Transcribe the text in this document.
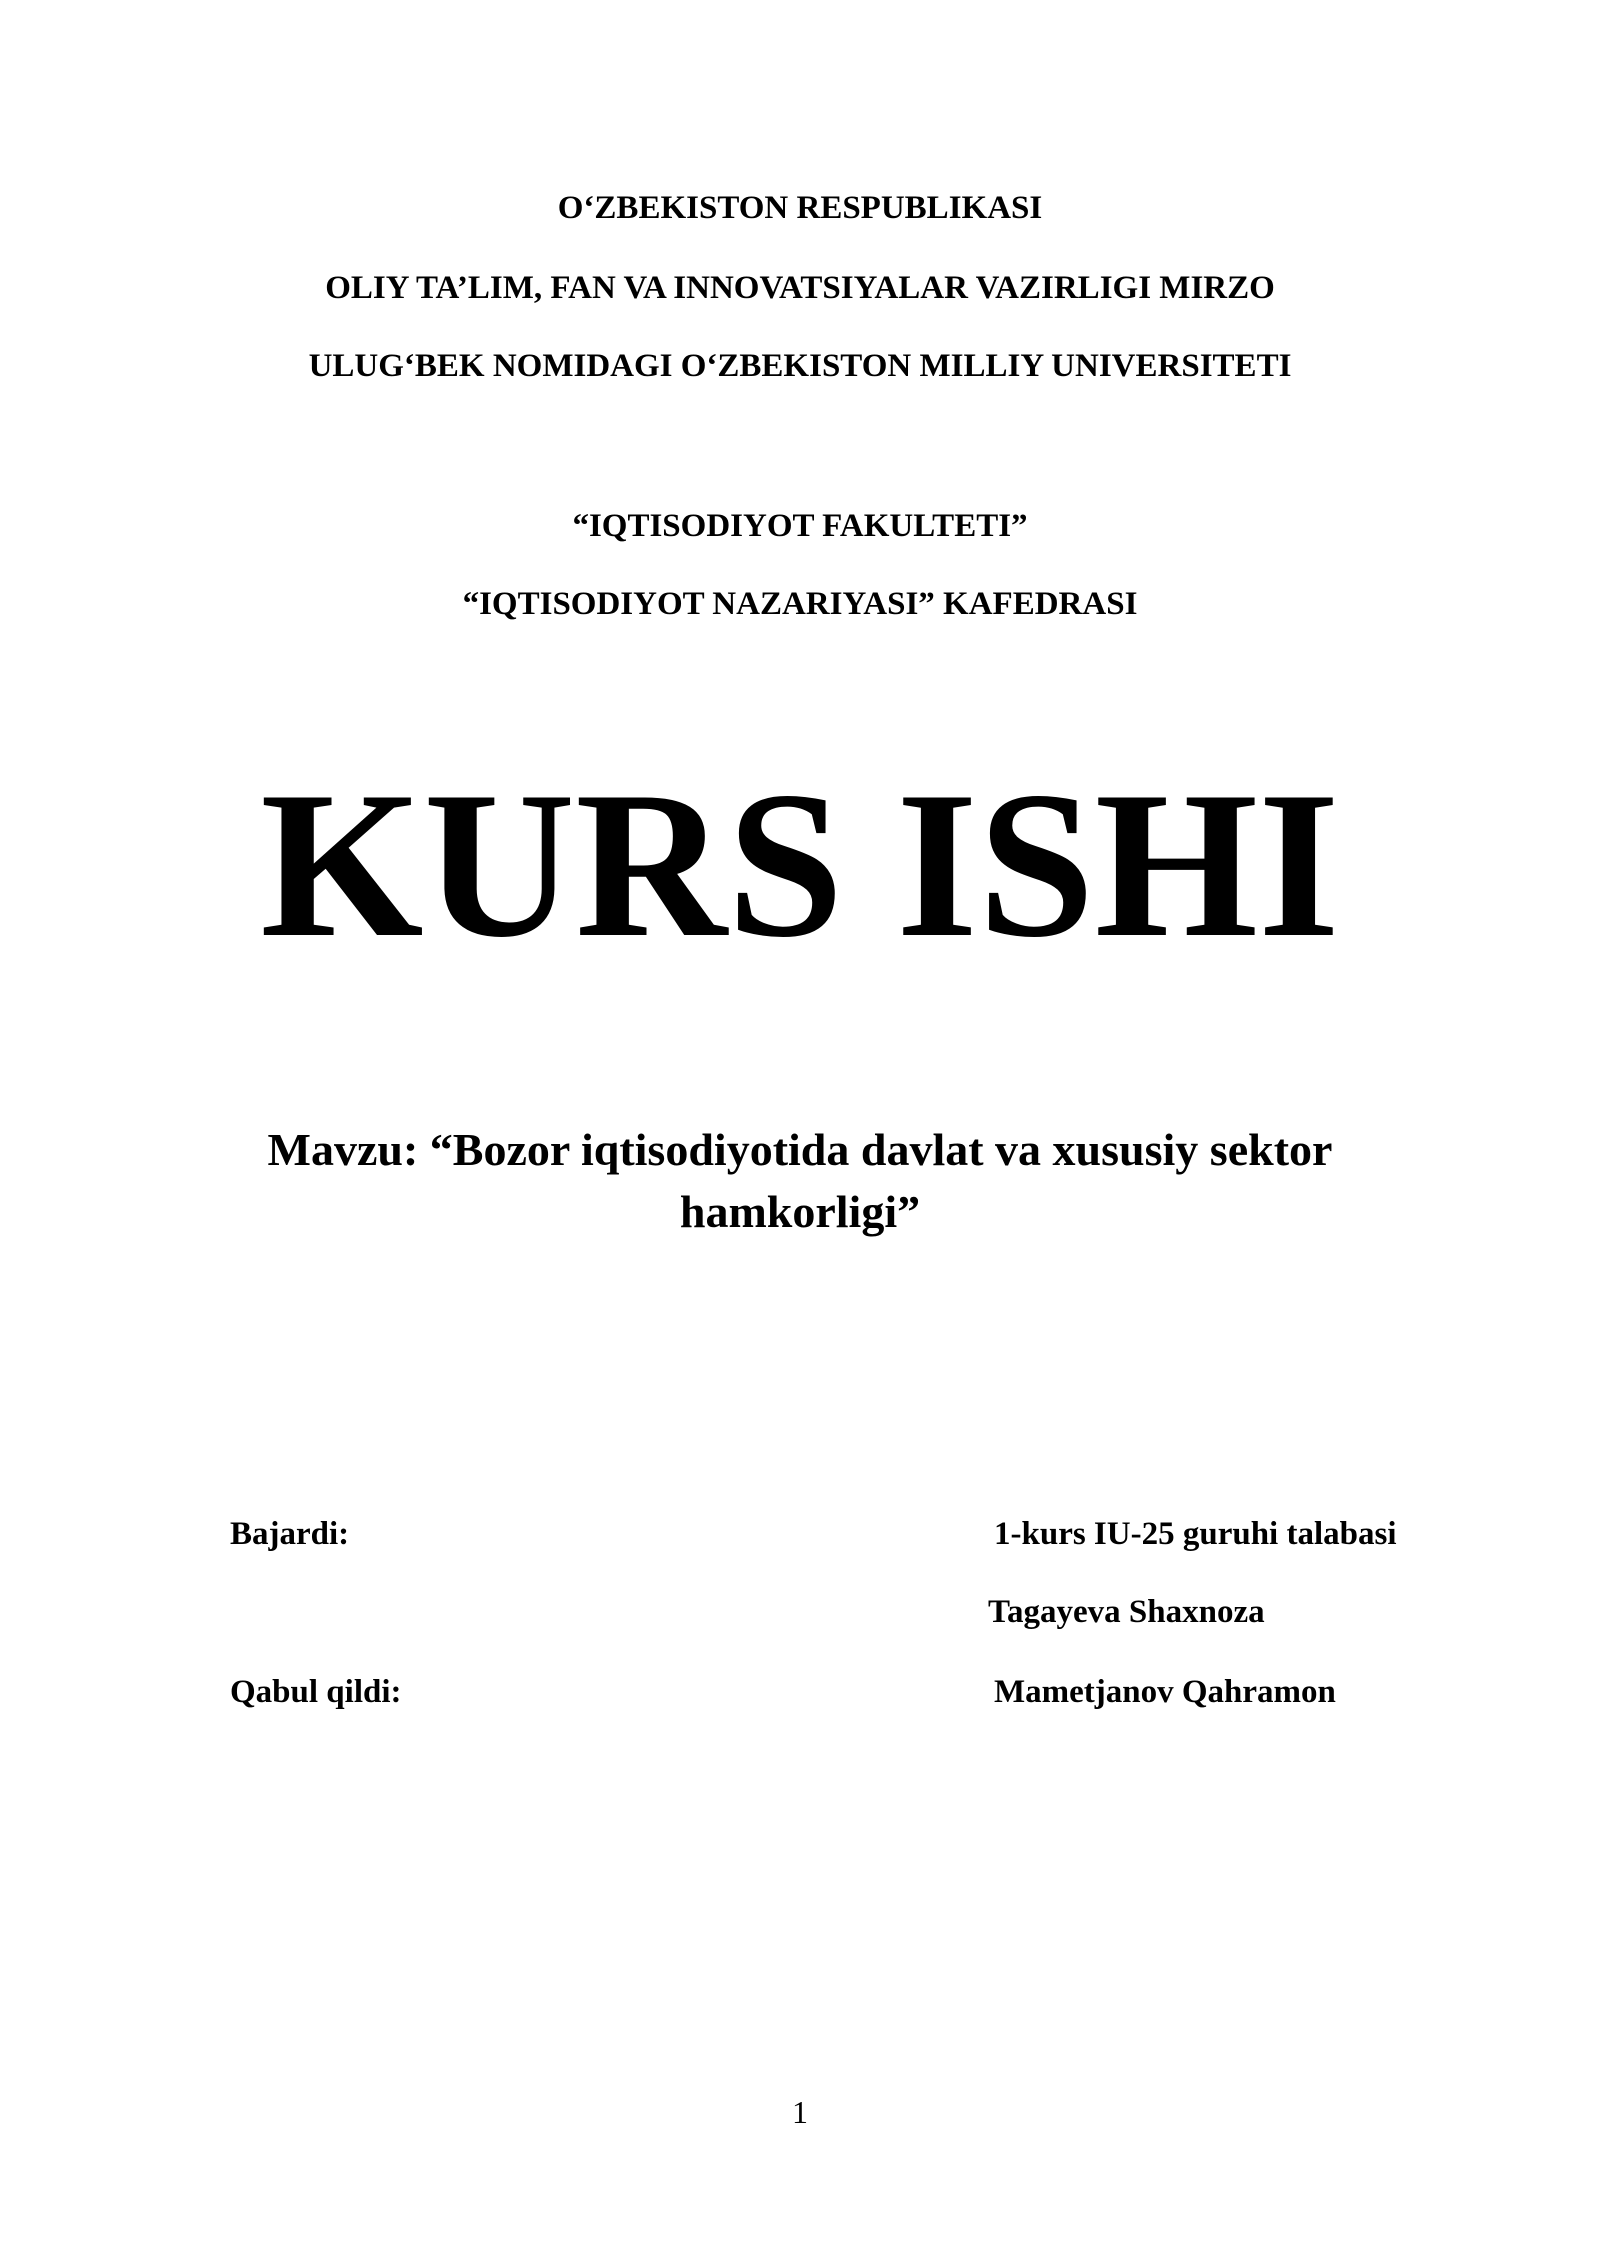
O‘ZBEKISTON RESPUBLIKASI
OLIY TA’LIM, FAN VA INNOVATSIYALAR VAZIRLIGI MIRZO
ULUG‘BEK NOMIDAGI O‘ZBEKISTON MILLIY UNIVERSITETI
“IQTISODIYOT FAKULTETI”
“IQTISODIYOT NAZARIYASI” KAFEDRASI
KURS ISHI
Mavzu: “Bozor iqtisodiyotida davlat va xususiy sektor
hamkorligi”
Bajardi:	1-kurs IU-25 guruhi talabasi
Tagayeva Shaxnoza
Qabul qildi:	Mametjanov Qahramon
1
